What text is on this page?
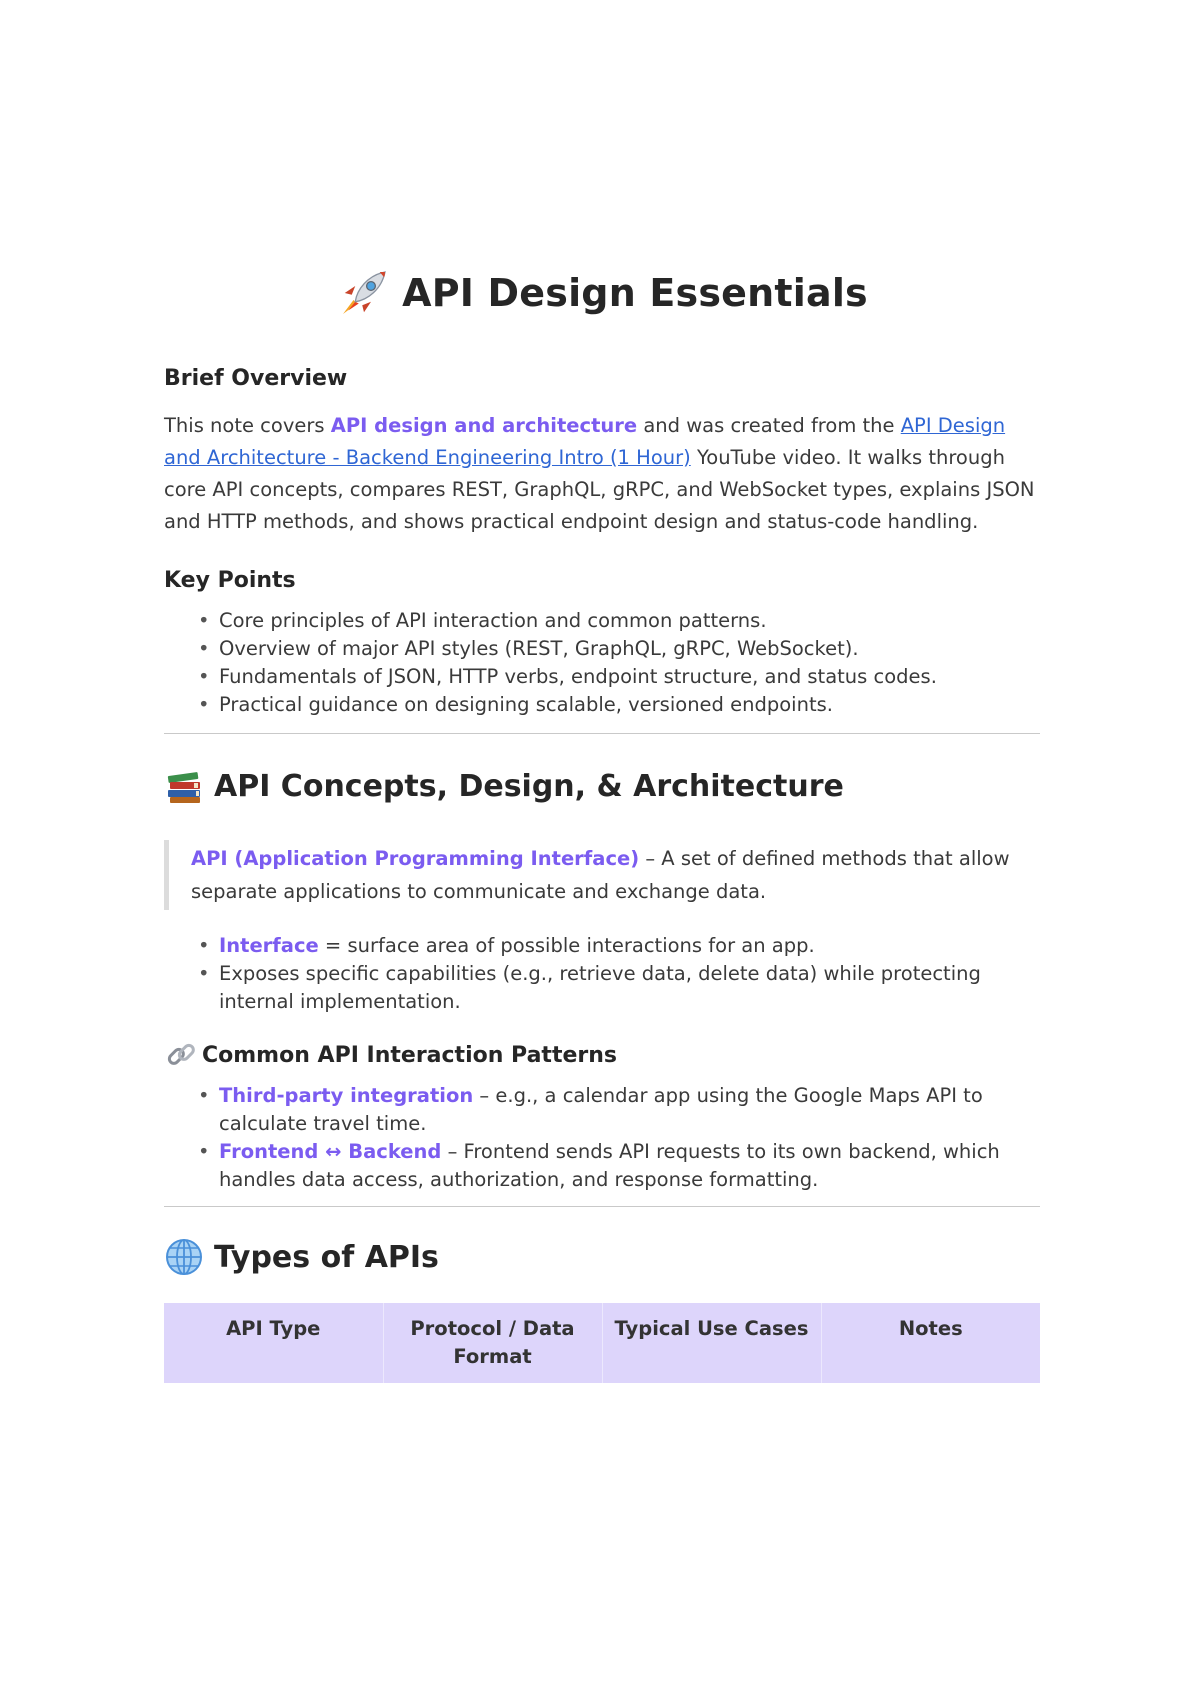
API Design Essentials
Brief Overview

This note covers API design and architecture and was created from the API Design and Architecture - Backend Engineering Intro (1 Hour) YouTube video. It walks through core API concepts, compares REST, GraphQL, gRPC, and WebSocket types, explains JSON and HTTP methods, and shows practical endpoint design and status-code handling.

Key Points
• Core principles of API interaction and common patterns.
• Overview of major API styles (REST, GraphQL, gRPC, WebSocket).
• Fundamentals of JSON, HTTP verbs, endpoint structure, and status codes.
• Practical guidance on designing scalable, versioned endpoints.
API Concepts, Design, & Architecture
API (Application Programming Interface) – A set of defined methods that allow separate applications to communicate and exchange data.
• Interface = surface area of possible interactions for an app.
• Exposes specific capabilities (e.g., retrieve data, delete data) while protecting internal implementation.
Common API Interaction Patterns
• Third-party integration – e.g., a calendar app using the Google Maps API to calculate travel time.
• Frontend ↔ Backend – Frontend sends API requests to its own backend, which handles data access, authorization, and response formatting.
Types of APIs
API Type	Protocol / Data Format	Typical Use Cases	Notes
